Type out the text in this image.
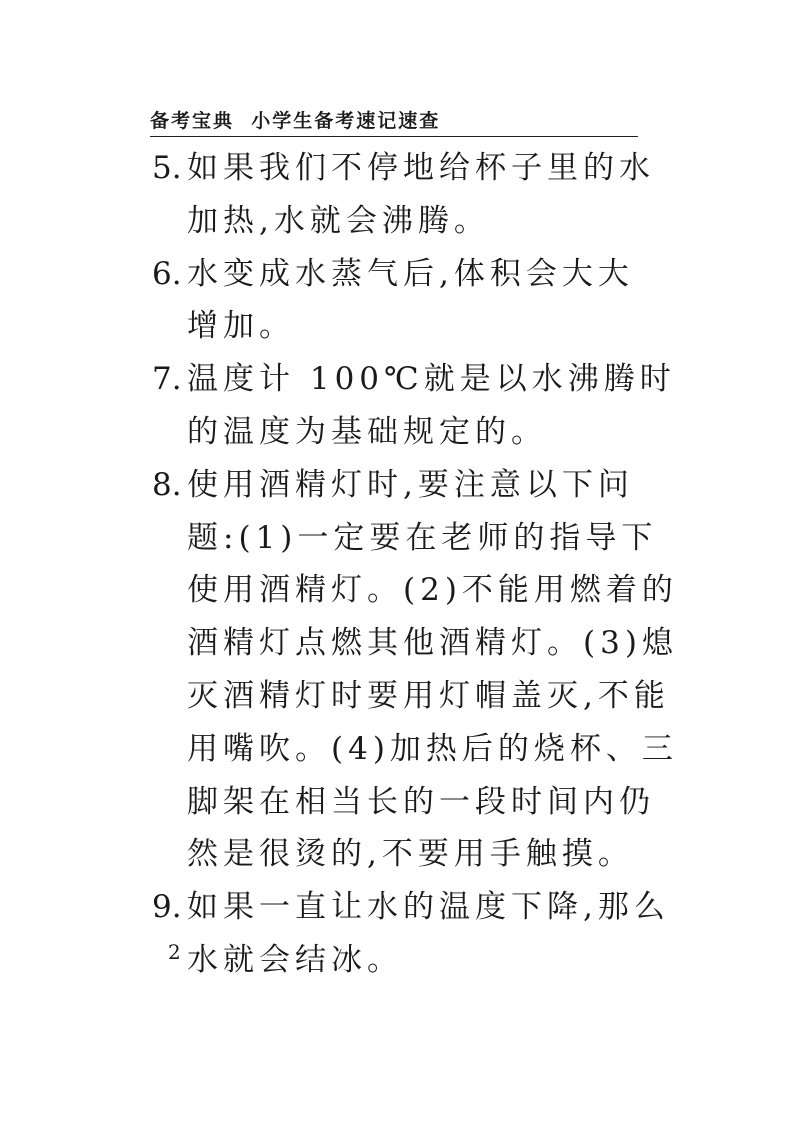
备考宝典 小学生备考速记速查
5. 如果我们不停地给杯子里的水
加热,水就会沸腾。
6. 水变成水蒸气后,体积会大大
增加。
7. 温度计 100℃就是以水沸腾时
的温度为基础规定的。
8. 使用酒精灯时,要注意以下问
题:(1)一定要在老师的指导下
使用酒精灯。(2)不能用燃着的
酒精灯点燃其他酒精灯。(3)熄
灭酒精灯时要用灯帽盖灭,不能
用嘴吹。(4)加热后的烧杯、三
脚架在相当长的一段时间内仍
然是很烫的,不要用手触摸。
9. 如果一直让水的温度下降,那么
水就会结冰。
2
